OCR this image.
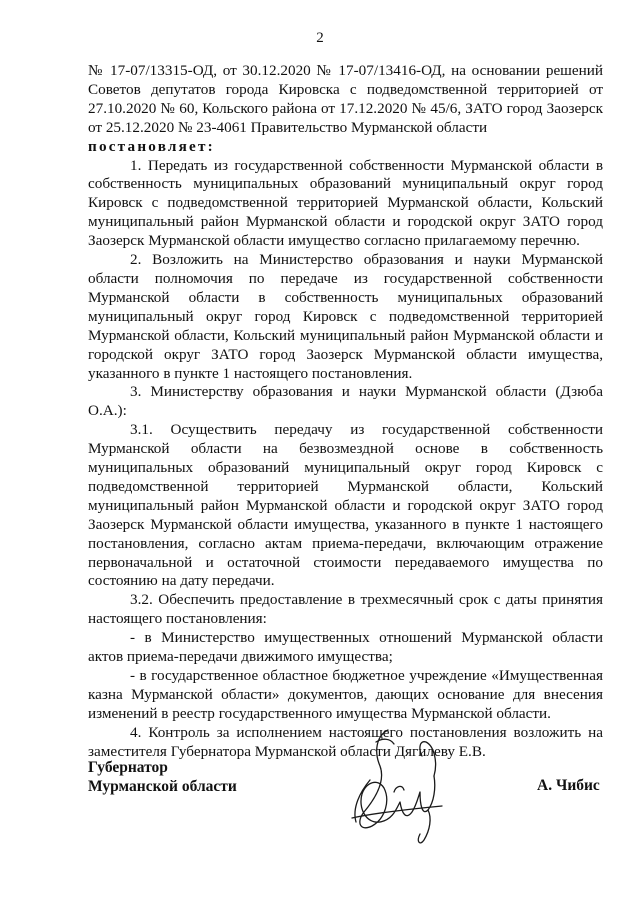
2

№ 17-07/13315-ОД, от 30.12.2020 № 17-07/13416-ОД, на основании решений Советов депутатов города Кировска с подведомственной территорией от 27.10.2020 № 60, Кольского района от 17.12.2020 № 45/6, ЗАТО город Заозерск от 25.12.2020 № 23-4061 Правительство Мурманской области

постановляет:

1. Передать из государственной собственности Мурманской области в собственность муниципальных образований муниципальный округ город Кировск с подведомственной территорией Мурманской области, Кольский муниципальный район Мурманской области и городской округ ЗАТО город Заозерск Мурманской области имущество согласно прилагаемому перечню.

2. Возложить на Министерство образования и науки Мурманской области полномочия по передаче из государственной собственности Мурманской области в собственность муниципальных образований муниципальный округ город Кировск с подведомственной территорией Мурманской области, Кольский муниципальный район Мурманской области и городской округ ЗАТО город Заозерск Мурманской области имущества, указанного в пункте 1 настоящего постановления.

3. Министерству образования и науки Мурманской области (Дзюба О.А.):

3.1. Осуществить передачу из государственной собственности Мурманской области на безвозмездной основе в собственность муниципальных образований муниципальный округ город Кировск с подведомственной территорией Мурманской области, Кольский муниципальный район Мурманской области и городской округ ЗАТО город Заозерск Мурманской области имущества, указанного в пункте 1 настоящего постановления, согласно актам приема-передачи, включающим отражение первоначальной и остаточной стоимости передаваемого имущества по состоянию на дату передачи.

3.2. Обеспечить предоставление в трехмесячный срок с даты принятия настоящего постановления:

- в Министерство имущественных отношений Мурманской области актов приема-передачи движимого имущества;

- в государственное областное бюджетное учреждение «Имущественная казна Мурманской области» документов, дающих основание для внесения изменений в реестр государственного имущества Мурманской области.

4. Контроль за исполнением настоящего постановления возложить на заместителя Губернатора Мурманской области Дягилеву Е.В.

Губернатор
Мурманской области	А. Чибис
